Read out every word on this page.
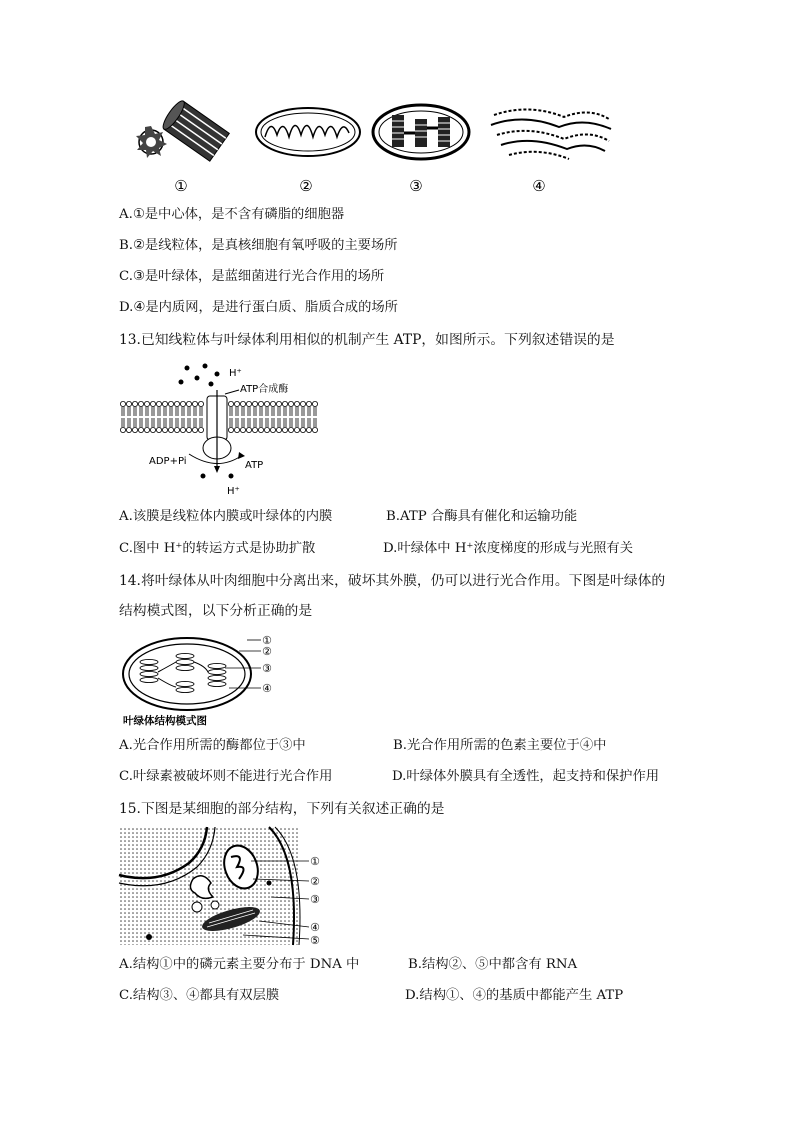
①	②	③	④
A.①是中心体，是不含有磷脂的细胞器
B.②是线粒体，是真核细胞有氧呼吸的主要场所
C.③是叶绿体，是蓝细菌进行光合作用的场所
D.④是内质网，是进行蛋白质、脂质合成的场所
13.已知线粒体与叶绿体利用相似的机制产生 ATP，如图所示。下列叙述错误的是
H⁺
ATP合成酶
ADP+Pi	ATP
H⁺
A.该膜是线粒体内膜或叶绿体的内膜	B.ATP 合酶具有催化和运输功能
C.图中 H⁺的转运方式是协助扩散	D.叶绿体中 H⁺浓度梯度的形成与光照有关
14.将叶绿体从叶肉细胞中分离出来，破坏其外膜，仍可以进行光合作用。下图是叶绿体的
结构模式图，以下分析正确的是
①
②
③
④
叶绿体结构模式图
A.光合作用所需的酶都位于③中	B.光合作用所需的色素主要位于④中
C.叶绿素被破坏则不能进行光合作用	D.叶绿体外膜具有全透性，起支持和保护作用
15.下图是某细胞的部分结构，下列有关叙述正确的是
①
②
③
④
⑤
A.结构①中的磷元素主要分布于 DNA 中	B.结构②、⑤中都含有 RNA
C.结构③、④都具有双层膜	D.结构①、④的基质中都能产生 ATP
